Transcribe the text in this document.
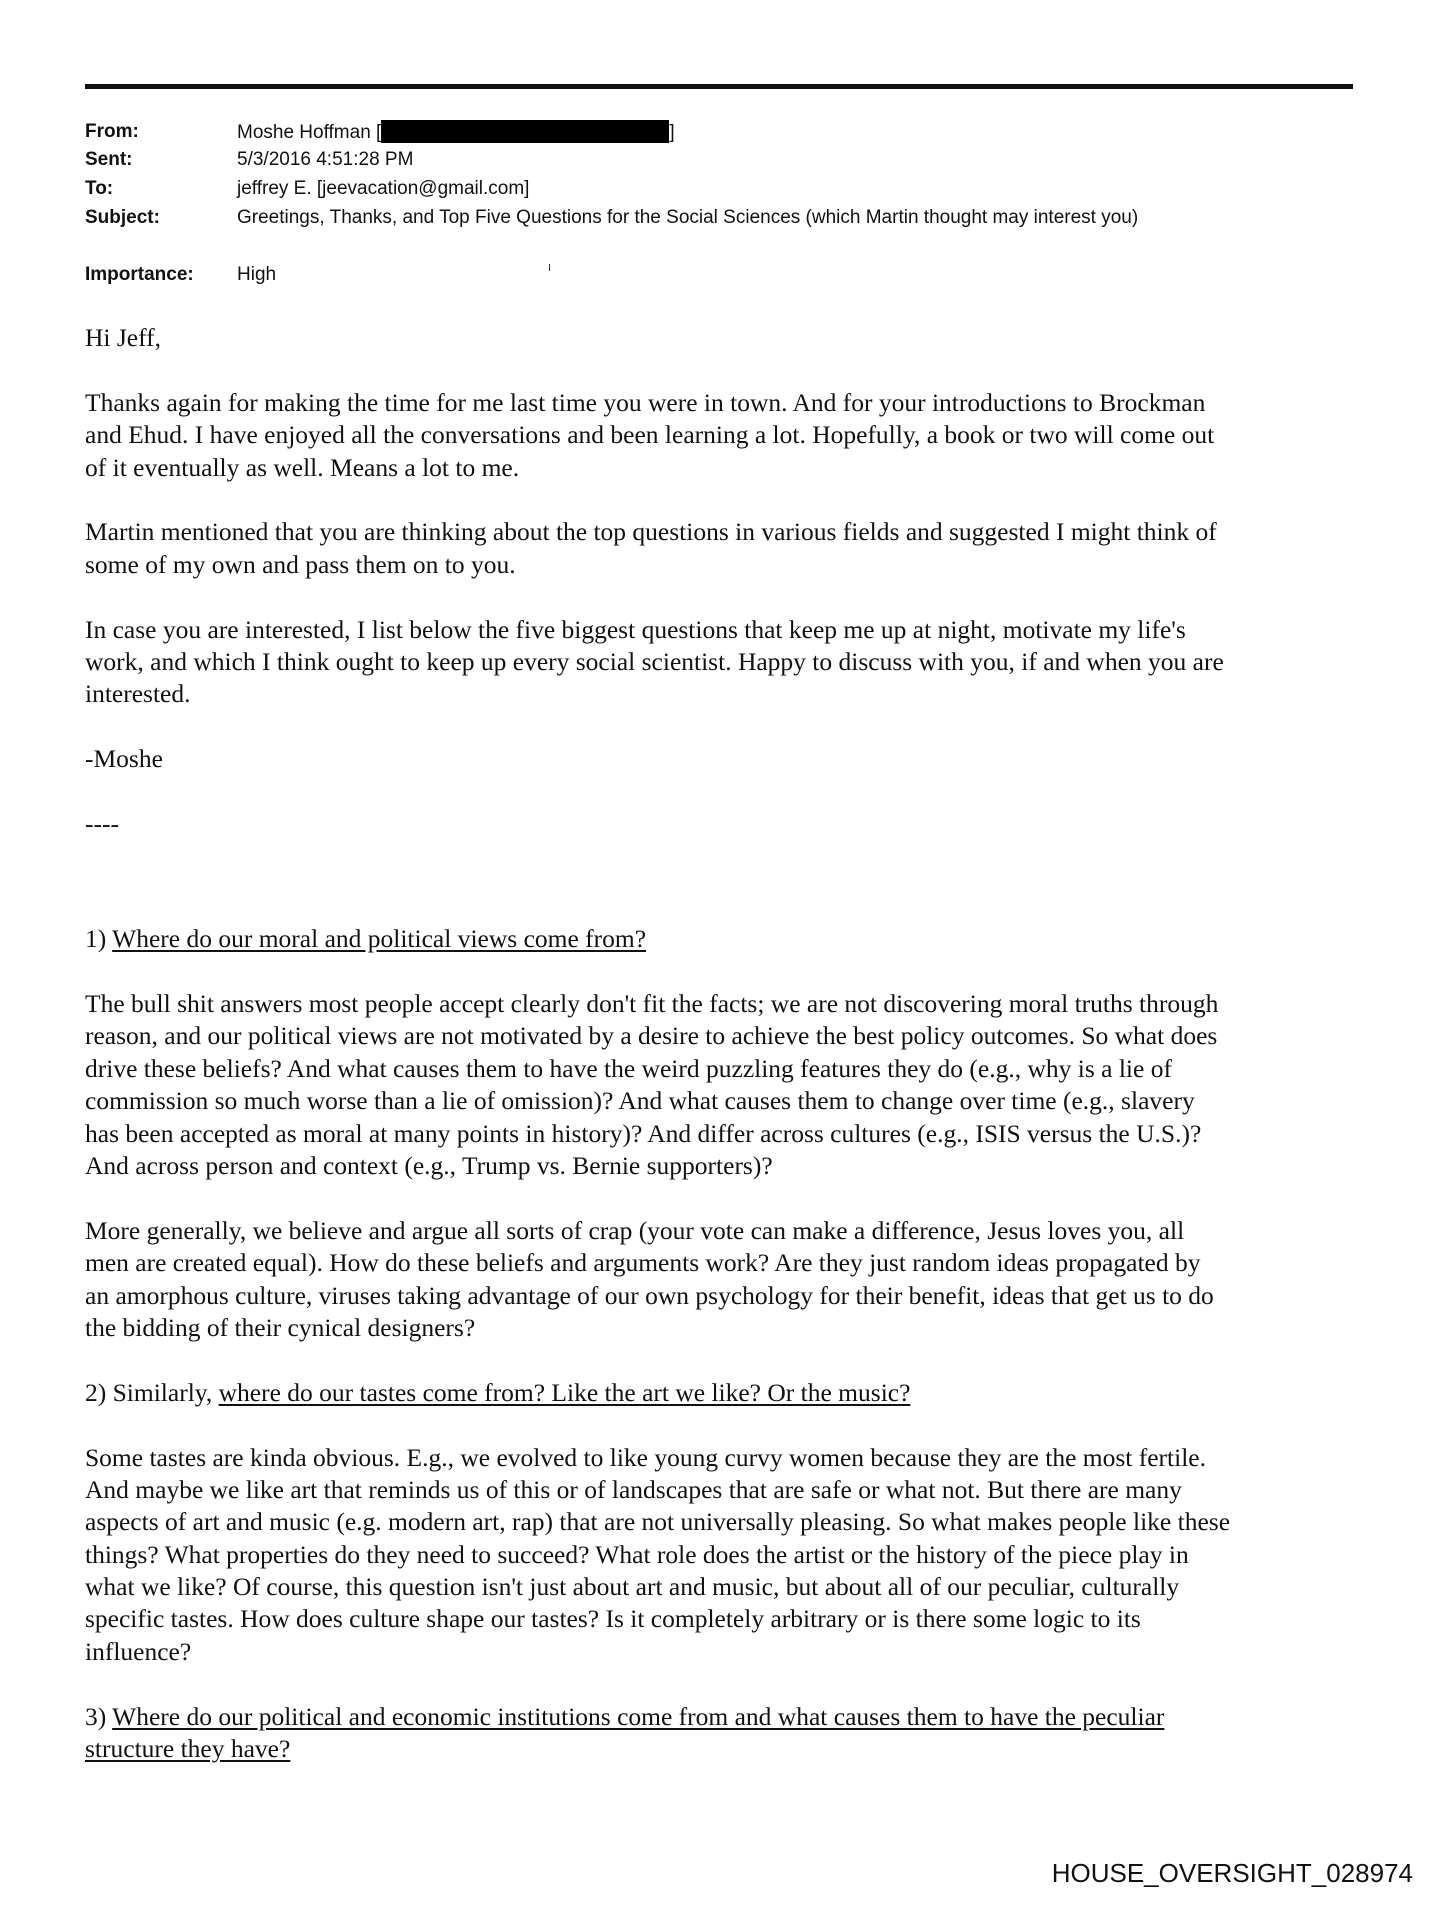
From:	Moshe Hoffman [	]
Sent:	5/3/2016 4:51:28 PM
To:	jeffrey E. [jeevacation@gmail.com]
Subject:	Greetings, Thanks, and Top Five Questions for the Social Sciences (which Martin thought may interest you)
Importance: High
Hi Jeff,
Thanks again for making the time for me last time you were in town. And for your introductions to Brockman
and Ehud. I have enjoyed all the conversations and been learning a lot. Hopefully, a book or two will come out
of it eventually as well. Means a lot to me.
Martin mentioned that you are thinking about the top questions in various fields and suggested I might think of
some of my own and pass them on to you.
In case you are interested, I list below the five biggest questions that keep me up at night, motivate my life's
work, and which I think ought to keep up every social scientist. Happy to discuss with you, if and when you are
interested.
-Moshe
----
1) Where do our moral and political views come from?
The bull shit answers most people accept clearly don't fit the facts; we are not discovering moral truths through
reason, and our political views are not motivated by a desire to achieve the best policy outcomes. So what does
drive these beliefs? And what causes them to have the weird puzzling features they do (e.g., why is a lie of
commission so much worse than a lie of omission)? And what causes them to change over time (e.g., slavery
has been accepted as moral at many points in history)? And differ across cultures (e.g., ISIS versus the U.S.)?
And across person and context (e.g., Trump vs. Bernie supporters)?
More generally, we believe and argue all sorts of crap (your vote can make a difference, Jesus loves you, all
men are created equal). How do these beliefs and arguments work? Are they just random ideas propagated by
an amorphous culture, viruses taking advantage of our own psychology for their benefit, ideas that get us to do
the bidding of their cynical designers?
2) Similarly, where do our tastes come from? Like the art we like? Or the music?
Some tastes are kinda obvious. E.g., we evolved to like young curvy women because they are the most fertile.
And maybe we like art that reminds us of this or of landscapes that are safe or what not. But there are many
aspects of art and music (e.g. modern art, rap) that are not universally pleasing. So what makes people like these
things? What properties do they need to succeed? What role does the artist or the history of the piece play in
what we like? Of course, this question isn't just about art and music, but about all of our peculiar, culturally
specific tastes. How does culture shape our tastes? Is it completely arbitrary or is there some logic to its
influence?
3) Where do our political and economic institutions come from and what causes them to have the peculiar
structure they have?
HOUSE_OVERSIGHT_028974
